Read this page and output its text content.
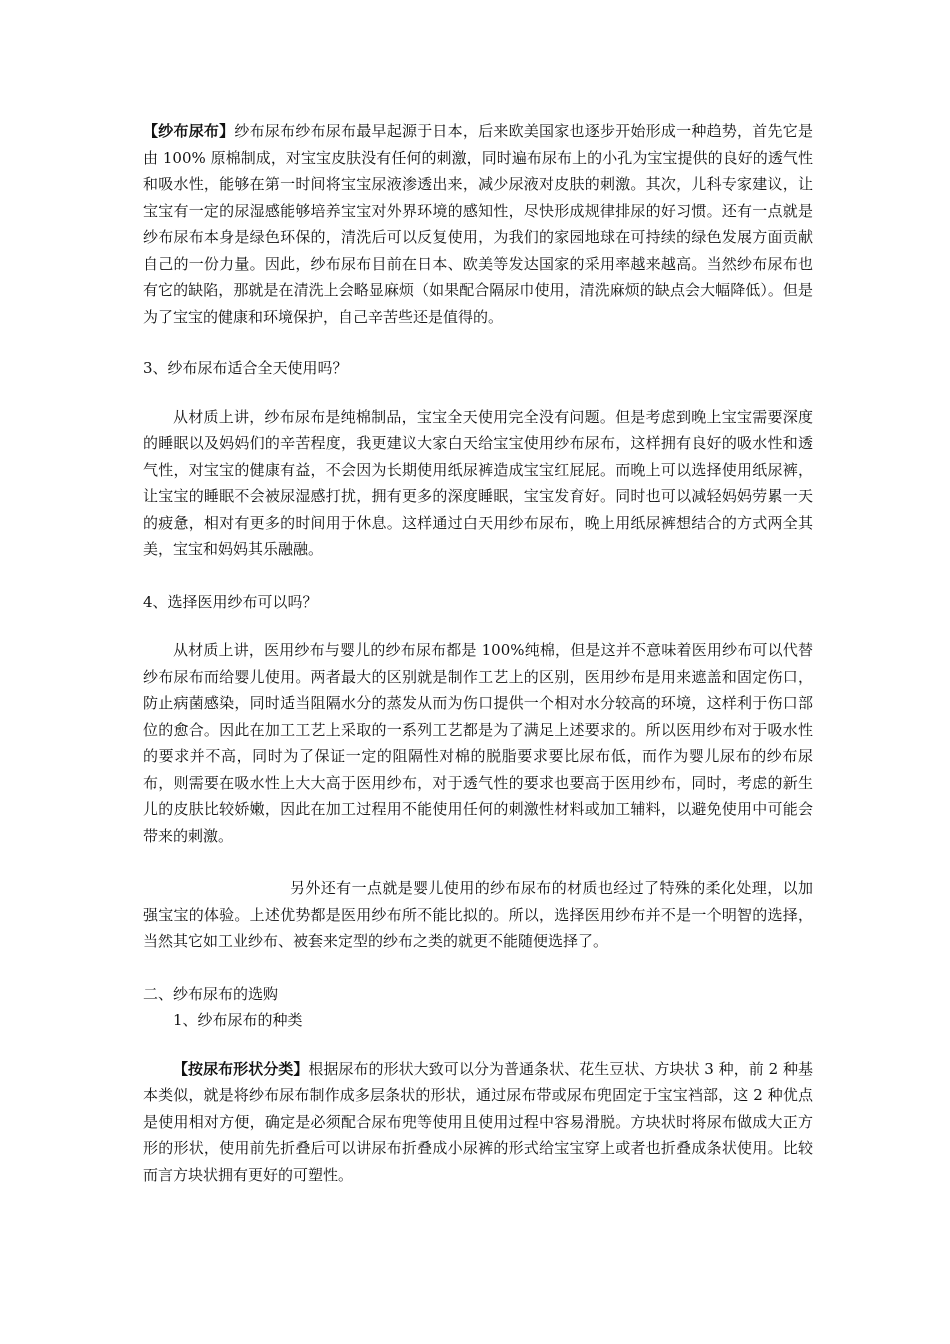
【纱布尿布】纱布尿布纱布尿布最早起源于日本，后来欧美国家也逐步开始形成一种趋势，首先它是由 100% 原棉制成，对宝宝皮肤没有任何的刺激，同时遍布尿布上的小孔为宝宝提供的良好的透气性和吸水性，能够在第一时间将宝宝尿液渗透出来，减少尿液对皮肤的刺激。其次，儿科专家建议，让宝宝有一定的尿湿感能够培养宝宝对外界环境的感知性，尽快形成规律排尿的好习惯。还有一点就是纱布尿布本身是绿色环保的，清洗后可以反复使用，为我们的家园地球在可持续的绿色发展方面贡献自己的一份力量。因此，纱布尿布目前在日本、欧美等发达国家的采用率越来越高。当然纱布尿布也有它的缺陷，那就是在清洗上会略显麻烦（如果配合隔尿巾使用，清洗麻烦的缺点会大幅降低）。但是为了宝宝的健康和环境保护，自己辛苦些还是值得的。

3、纱布尿布适合全天使用吗？

从材质上讲，纱布尿布是纯棉制品，宝宝全天使用完全没有问题。但是考虑到晚上宝宝需要深度的睡眠以及妈妈们的辛苦程度，我更建议大家白天给宝宝使用纱布尿布，这样拥有良好的吸水性和透气性，对宝宝的健康有益，不会因为长期使用纸尿裤造成宝宝红屁屁。而晚上可以选择使用纸尿裤，让宝宝的睡眠不会被尿湿感打扰，拥有更多的深度睡眠，宝宝发育好。同时也可以减轻妈妈劳累一天的疲惫，相对有更多的时间用于休息。这样通过白天用纱布尿布，晚上用纸尿裤想结合的方式两全其美，宝宝和妈妈其乐融融。

4、选择医用纱布可以吗？

从材质上讲，医用纱布与婴儿的纱布尿布都是 100%纯棉，但是这并不意味着医用纱布可以代替纱布尿布而给婴儿使用。两者最大的区别就是制作工艺上的区别，医用纱布是用来遮盖和固定伤口，防止病菌感染，同时适当阻隔水分的蒸发从而为伤口提供一个相对水分较高的环境，这样利于伤口部位的愈合。因此在加工工艺上采取的一系列工艺都是为了满足上述要求的。所以医用纱布对于吸水性的要求并不高，同时为了保证一定的阻隔性对棉的脱脂要求要比尿布低，而作为婴儿尿布的纱布尿布，则需要在吸水性上大大高于医用纱布，对于透气性的要求也要高于医用纱布，同时，考虑的新生儿的皮肤比较娇嫩，因此在加工过程用不能使用任何的刺激性材料或加工辅料，以避免使用中可能会带来的刺激。

另外还有一点就是婴儿使用的纱布尿布的材质也经过了特殊的柔化处理，以加强宝宝的体验。上述优势都是医用纱布所不能比拟的。所以，选择医用纱布并不是一个明智的选择，当然其它如工业纱布、被套来定型的纱布之类的就更不能随便选择了。

二、纱布尿布的选购

1、纱布尿布的种类

【按尿布形状分类】根据尿布的形状大致可以分为普通条状、花生豆状、方块状 3 种，前 2 种基本类似，就是将纱布尿布制作成多层条状的形状，通过尿布带或尿布兜固定于宝宝裆部，这 2 种优点是使用相对方便，确定是必须配合尿布兜等使用且使用过程中容易滑脱。方块状时将尿布做成大正方形的形状，使用前先折叠后可以讲尿布折叠成小尿裤的形式给宝宝穿上或者也折叠成条状使用。比较而言方块状拥有更好的可塑性。
